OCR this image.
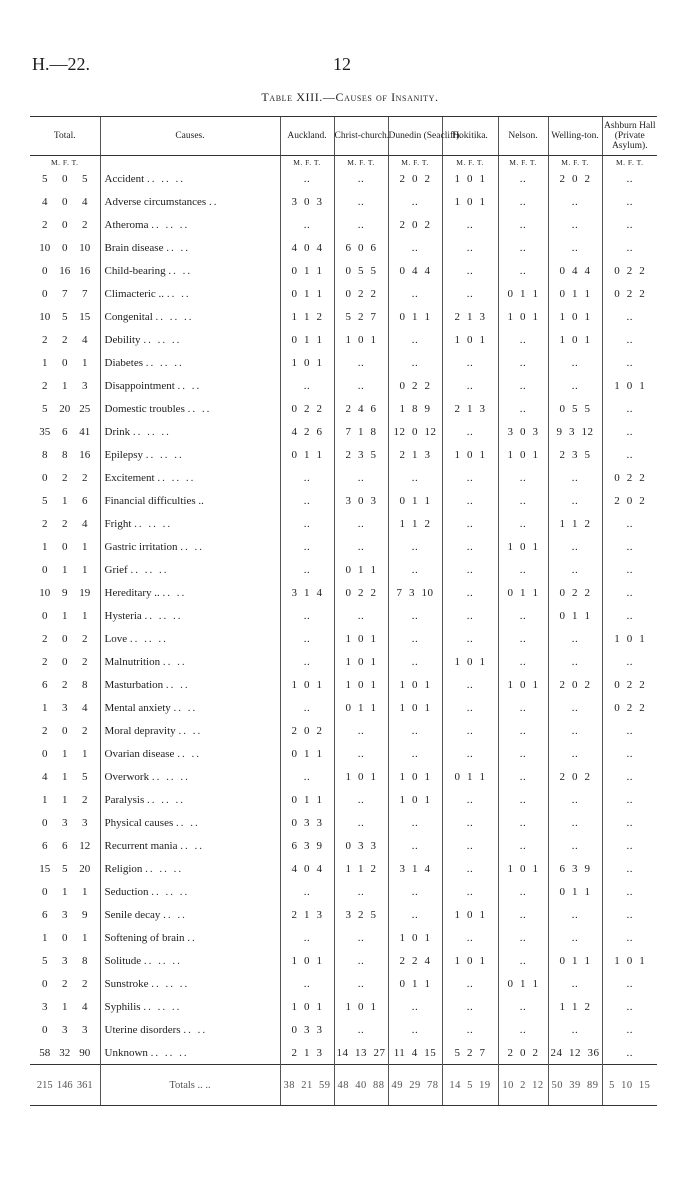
H.—22.	12
Table XIII.—Causes of Insanity.
Total.	Causes.	Auckland.	Christ-church.	Dunedin (Seacliff).	Hokitika.	Nelson.	Welling-ton.	Ashburn Hall (Private Asylum).
M. F. T.		M. F. T.	M. F. T.	M. F. T.	M. F. T.	M. F. T.	M. F. T.	M. F. T.
5 0 5	Accident .. .. ..	..	..	2  0  2	1  0  1	..	2  0  2	..
4 0 4	Adverse circumstances ..	3  0  3	..	..	1  0  1	..	..	..
2 0 2	Atheroma .. .. ..	..	..	2  0  2	..	..	..	..
10 0 10	Brain disease .. ..	4  0  4	6  0  6	..	..	..	..	..
0 16 16	Child-bearing .. ..	0  1  1	0  5  5	0  4  4	..	..	0  4  4	0  2  2
0 7 7	Climacteric .. .. ..	0  1  1	0  2  2	..	..	0  1  1	0  1  1	0  2  2
10 5 15	Congenital .. .. ..	1  1  2	5  2  7	0  1  1	2  1  3	1  0  1	1  0  1	..
2 2 4	Debility .. .. ..	0  1  1	1  0  1	..	1  0  1	..	1  0  1	..
1 0 1	Diabetes .. .. ..	1  0  1	..	..	..	..	..	..
2 1 3	Disappointment .. ..	..	..	0  2  2	..	..	..	1  0  1
5 20 25	Domestic troubles .. ..	0  2  2	2  4  6	1  8  9	2  1  3	..	0  5  5	..
35 6 41	Drink .. .. ..	4  2  6	7  1  8	12  0  12	..	3  0  3	9  3  12	..
8 8 16	Epilepsy .. .. ..	0  1  1	2  3  5	2  1  3	1  0  1	1  0  1	2  3  5	..
0 2 2	Excitement .. .. ..	..	..	..	..	..	..	0  2  2
5 1 6	Financial difficulties ..	..	3  0  3	0  1  1	..	..	..	2  0  2
2 2 4	Fright .. .. ..	..	..	1  1  2	..	..	1  1  2	..
1 0 1	Gastric irritation .. ..	..	..	..	..	1  0  1	..	..
0 1 1	Grief .. .. ..	..	0  1  1	..	..	..	..	..
10 9 19	Hereditary .. .. ..	3  1  4	0  2  2	7  3  10	..	0  1  1	0  2  2	..
0 1 1	Hysteria .. .. ..	..	..	..	..	..	0  1  1	..
2 0 2	Love .. .. ..	..	1  0  1	..	..	..	..	1  0  1
2 0 2	Malnutrition .. ..	..	1  0  1	..	1  0  1	..	..	..
6 2 8	Masturbation .. ..	1  0  1	1  0  1	1  0  1	..	1  0  1	2  0  2	0  2  2
1 3 4	Mental anxiety .. ..	..	0  1  1	1  0  1	..	..	..	0  2  2
2 0 2	Moral depravity .. ..	2  0  2	..	..	..	..	..	..
0 1 1	Ovarian disease .. ..	0  1  1	..	..	..	..	..	..
4 1 5	Overwork .. .. ..	..	1  0  1	1  0  1	0  1  1	..	2  0  2	..
1 1 2	Paralysis .. .. ..	0  1  1	..	1  0  1	..	..	..	..
0 3 3	Physical causes .. ..	0  3  3	..	..	..	..	..	..
6 6 12	Recurrent mania .. ..	6  3  9	0  3  3	..	..	..	..	..
15 5 20	Religion .. .. ..	4  0  4	1  1  2	3  1  4	..	1  0  1	6  3  9	..
0 1 1	Seduction .. .. ..	..	..	..	..	..	0  1  1	..
6 3 9	Senile decay .. ..	2  1  3	3  2  5	..	1  0  1	..	..	..
1 0 1	Softening of brain ..	..	..	1  0  1	..	..	..	..
5 3 8	Solitude .. .. ..	1  0  1	..	2  2  4	1  0  1	..	0  1  1	1  0  1
0 2 2	Sunstroke .. .. ..	..	..	0  1  1	..	0  1  1	..	..
3 1 4	Syphilis .. .. ..	1  0  1	1  0  1	..	..	..	1  1  2	..
0 3 3	Uterine disorders .. ..	0  3  3	..	..	..	..	..	..
58 32 90	Unknown .. .. ..	2  1  3	14  13  27	11  4  15	5  2  7	2  0  2	24  12  36	..
215 146 361	Totals .. ..	38  21  59	48  40  88	49  29  78	14  5  19	10  2  12	50  39  89	5  10  15
